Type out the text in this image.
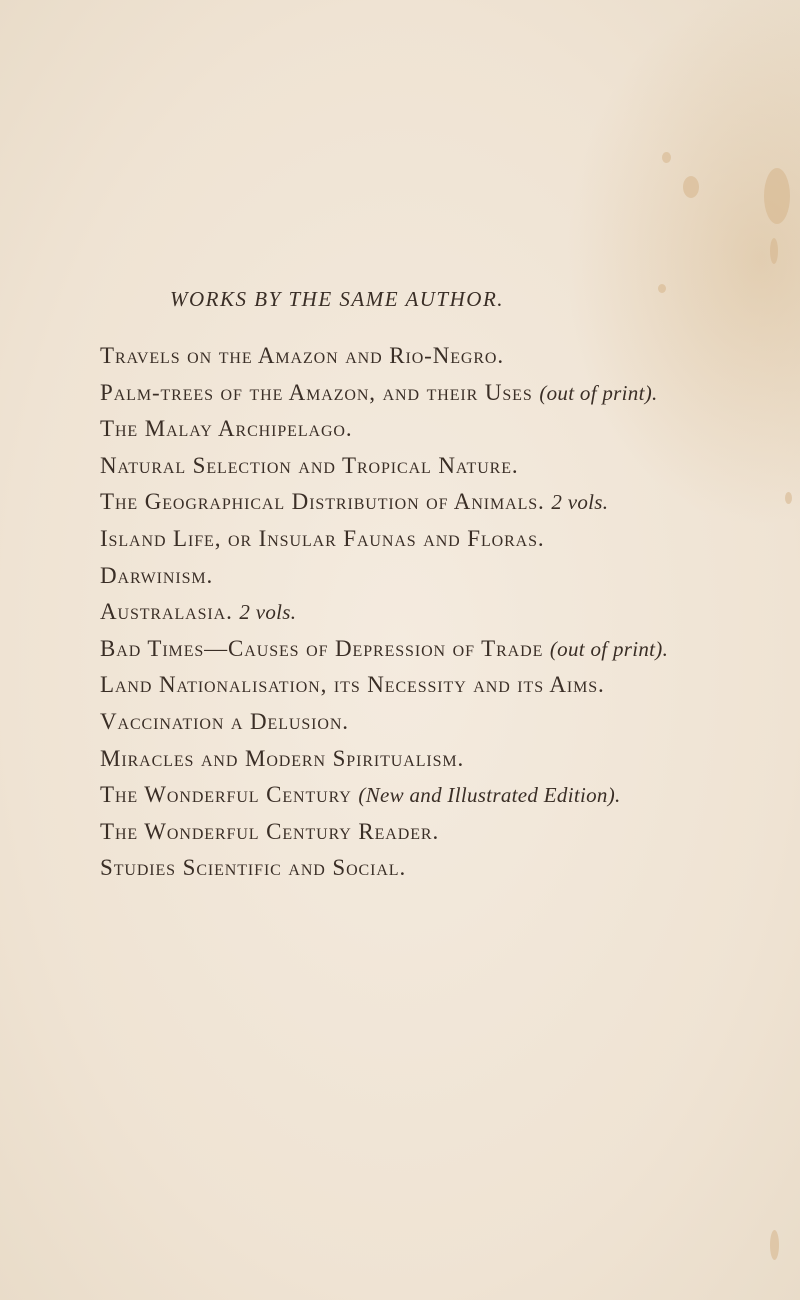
WORKS BY THE SAME AUTHOR.
Travels on the Amazon and Rio-Negro.
Palm-trees of the Amazon, and their Uses (out of print).
The Malay Archipelago.
Natural Selection and Tropical Nature.
The Geographical Distribution of Animals. 2 vols.
Island Life, or Insular Faunas and Floras.
Darwinism.
Australasia. 2 vols.
Bad Times—Causes of Depression of Trade (out of print).
Land Nationalisation, its Necessity and its Aims.
Vaccination a Delusion.
Miracles and Modern Spiritualism.
The Wonderful Century (New and Illustrated Edition).
The Wonderful Century Reader.
Studies Scientific and Social.
